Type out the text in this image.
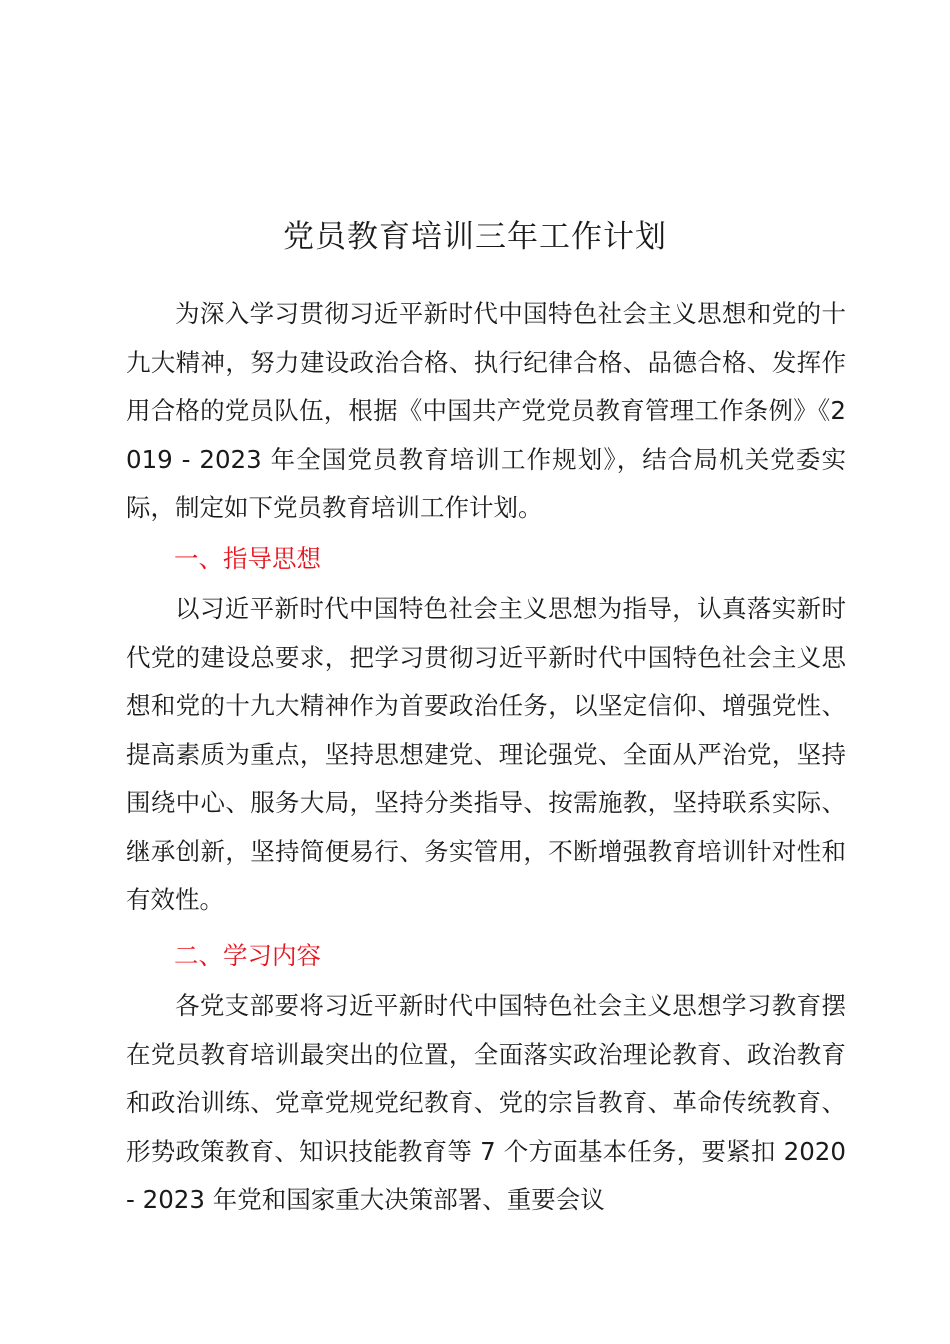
党员教育培训三年工作计划
为深入学习贯彻习近平新时代中国特色社会主义思想和党的十九大精神，努力建设政治合格、执行纪律合格、品德合格、发挥作用合格的党员队伍，根据《中国共产党党员教育管理工作条例》《2019 - 2023 年全国党员教育培训工作规划》，结合局机关党委实际，制定如下党员教育培训工作计划。
一、指导思想
以习近平新时代中国特色社会主义思想为指导，认真落实新时代党的建设总要求，把学习贯彻习近平新时代中国特色社会主义思想和党的十九大精神作为首要政治任务，以坚定信仰、增强党性、提高素质为重点，坚持思想建党、理论强党、全面从严治党，坚持围绕中心、服务大局，坚持分类指导、按需施教，坚持联系实际、继承创新，坚持简便易行、务实管用，不断增强教育培训针对性和有效性。
二、学习内容
各党支部要将习近平新时代中国特色社会主义思想学习教育摆在党员教育培训最突出的位置，全面落实政治理论教育、政治教育和政治训练、党章党规党纪教育、党的宗旨教育、革命传统教育、形势政策教育、知识技能教育等 7 个方面基本任务，要紧扣 2020 - 2023 年党和国家重大决策部署、重要会议
